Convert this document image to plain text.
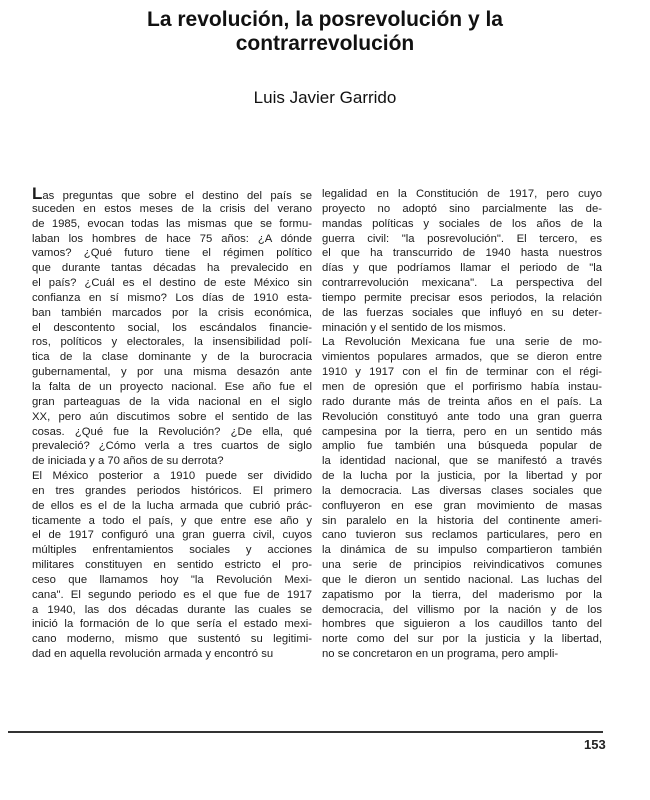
La revolución, la posrevolución y la
contrarrevolución
Luis Javier Garrido
Las preguntas que sobre el destino del país se
suceden en estos meses de la crisis del verano
de 1985, evocan todas las mismas que se formu-
laban los hombres de hace 75 años: ¿A dónde
vamos? ¿Qué futuro tiene el régimen político
que durante tantas décadas ha prevalecido en
el país? ¿Cuál es el destino de este México sin
confianza en sí mismo? Los días de 1910 esta-
ban también marcados por la crisis económica,
el descontento social, los escándalos financie-
ros, políticos y electorales, la insensibilidad polí-
tica de la clase dominante y de la burocracia
gubernamental, y por una misma desazón ante
la falta de un proyecto nacional. Ese año fue el
gran parteaguas de la vida nacional en el siglo
XX, pero aún discutimos sobre el sentido de las
cosas. ¿Qué fue la Revolución? ¿De ella, qué
prevaleció? ¿Cómo verla a tres cuartos de siglo
de iniciada y a 70 años de su derrota?
El México posterior a 1910 puede ser dividido
en tres grandes periodos históricos. El primero
de ellos es el de la lucha armada que cubrió prác-
ticamente a todo el país, y que entre ese año y
el de 1917 configuró una gran guerra civil, cuyos
múltiples enfrentamientos sociales y acciones
militares constituyen en sentido estricto el pro-
ceso que llamamos hoy "la Revolución Mexi-
cana". El segundo periodo es el que fue de 1917
a 1940, las dos décadas durante las cuales se
inició la formación de lo que sería el estado mexi-
cano moderno, mismo que sustentó su legitimi-
dad en aquella revolución armada y encontró su
legalidad en la Constitución de 1917, pero cuyo
proyecto no adoptó sino parcialmente las de-
mandas políticas y sociales de los años de la
guerra civil: "la posrevolución". El tercero, es
el que ha transcurrido de 1940 hasta nuestros
días y que podríamos llamar el periodo de "la
contrarrevolución mexicana". La perspectiva del
tiempo permite precisar esos periodos, la relación
de las fuerzas sociales que influyó en su deter-
minación y el sentido de los mismos.
La Revolución Mexicana fue una serie de mo-
vimientos populares armados, que se dieron entre
1910 y 1917 con el fin de terminar con el régi-
men de opresión que el porfirismo había instau-
rado durante más de treinta años en el país. La
Revolución constituyó ante todo una gran guerra
campesina por la tierra, pero en un sentido más
amplio fue también una búsqueda popular de
la identidad nacional, que se manifestó a través
de la lucha por la justicia, por la libertad y por
la democracia. Las diversas clases sociales que
confluyeron en ese gran movimiento de masas
sin paralelo en la historia del continente ameri-
cano tuvieron sus reclamos particulares, pero en
la dinámica de su impulso compartieron también
una serie de principios reivindicativos comunes
que le dieron un sentido nacional. Las luchas del
zapatismo por la tierra, del maderismo por la
democracia, del villismo por la nación y de los
hombres que siguieron a los caudillos tanto del
norte como del sur por la justicia y la libertad,
no se concretaron en un programa, pero ampli-
153
